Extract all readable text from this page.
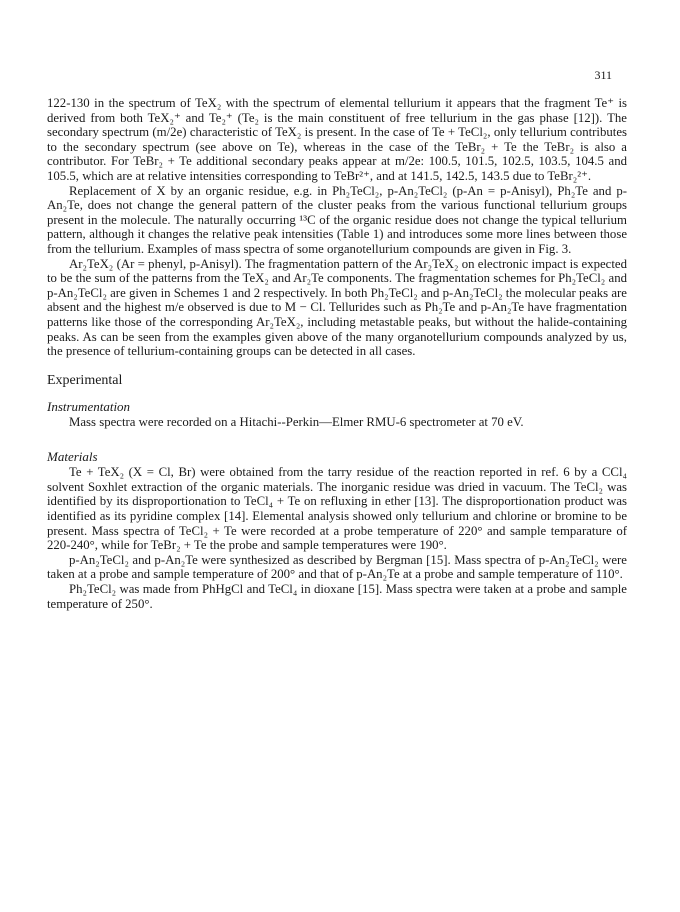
311

122-130 in the spectrum of TeX₂ with the spectrum of elemental tellurium it appears that the fragment Te⁺ is derived from both TeX₂⁺ and Te₂⁺ (Te₂ is the main constituent of free tellurium in the gas phase [12]). The secondary spectrum (m/2e) characteristic of TeX₂ is present. In the case of Te + TeCl₂, only tellurium contributes to the secondary spectrum (see above on Te), whereas in the case of the TeBr₂ + Te the TeBr₂ is also a contributor. For TeBr₂ + Te additional secondary peaks appear at m/2e: 100.5, 101.5, 102.5, 103.5, 104.5 and 105.5, which are at relative intensities corresponding to TeBr²⁺, and at 141.5, 142.5, 143.5 due to TeBr₂²⁺.

Replacement of X by an organic residue, e.g. in Ph₂TeCl₂, p-An₂TeCl₂ (p-An = p-Anisyl), Ph₂Te and p-An₂Te, does not change the general pattern of the cluster peaks from the various functional tellurium groups present in the molecule. The naturally occurring ¹³C of the organic residue does not change the typical tellurium pattern, although it changes the relative peak intensities (Table 1) and introduces some more lines between those from the tellurium. Examples of mass spectra of some organotellurium compounds are given in Fig. 3.

Ar₂TeX₂ (Ar = phenyl, p-Anisyl). The fragmentation pattern of the Ar₂TeX₂ on electronic impact is expected to be the sum of the patterns from the TeX₂ and Ar₂Te components. The fragmentation schemes for Ph₂TeCl₂ and p-An₂TeCl₂ are given in Schemes 1 and 2 respectively. In both Ph₂TeCl₂ and p-An₂TeCl₂ the molecular peaks are absent and the highest m/e observed is due to M − Cl. Tellurides such as Ph₂Te and p-An₂Te have fragmentation patterns like those of the corresponding Ar₂TeX₂, including metastable peaks, but without the halide-containing peaks. As can be seen from the examples given above of the many organotellurium compounds analyzed by us, the presence of tellurium-containing groups can be detected in all cases.

Experimental
Instrumentation

Mass spectra were recorded on a Hitachi--Perkin—Elmer RMU-6 spectrometer at 70 eV.

Materials

Te + TeX₂ (X = Cl, Br) were obtained from the tarry residue of the reaction reported in ref. 6 by a CCl₄ solvent Soxhlet extraction of the organic materials. The inorganic residue was dried in vacuum. The TeCl₂ was identified by its disproportionation to TeCl₄ + Te on refluxing in ether [13]. The disproportionation product was identified as its pyridine complex [14]. Elemental analysis showed only tellurium and chlorine or bromine to be present. Mass spectra of TeCl₂ + Te were recorded at a probe temperature of 220° and sample temparature of 220-240°, while for TeBr₂ + Te the probe and sample temperatures were 190°.

p-An₂TeCl₂ and p-An₂Te were synthesized as described by Bergman [15]. Mass spectra of p-An₂TeCl₂ were taken at a probe and sample temperature of 200° and that of p-An₂Te at a probe and sample temperature of 110°.

Ph₂TeCl₂ was made from PhHgCl and TeCl₄ in dioxane [15]. Mass spectra were taken at a probe and sample temperature of 250°.
